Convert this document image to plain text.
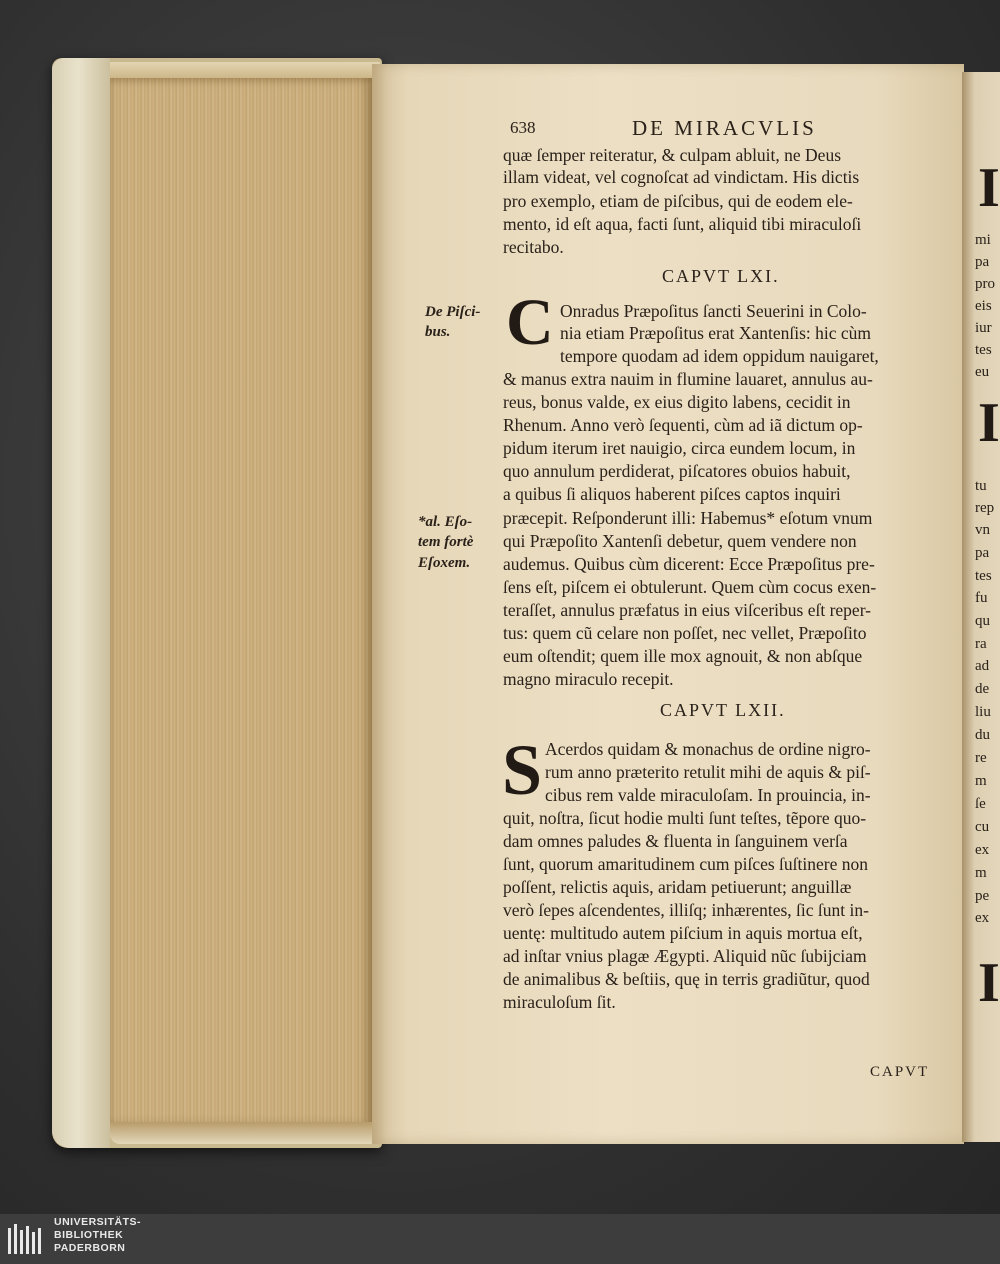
638	DE MIRACVLIS
quæ ſemper reiteratur, & culpam abluit, ne Deus
illam videat, vel cognoſcat ad vindictam. His dictis
pro exemplo, etiam de piſcibus, qui de eodem ele-
mento, id eſt aqua, facti ſunt, aliquid tibi miraculoſi
recitabo.
CAPVT LXI.
C
De Piſci-
bus.
Onradus Præpoſitus ſancti Seuerini in Colo-
nia etiam Præpoſitus erat Xantenſis: hic cùm
tempore quodam ad idem oppidum nauigaret,
& manus extra nauim in flumine lauaret, annulus au-
reus, bonus valde, ex eius digito labens, cecidit in
Rhenum. Anno verò ſequenti, cùm ad iã dictum op-
pidum iterum iret nauigio, circa eundem locum, in
quo annulum perdiderat, piſcatores obuios habuit,
a quibus ſi aliquos haberent piſces captos inquiri
præcepit. Reſponderunt illi: Habemus* eſotum vnum
qui Præpoſito Xantenſi debetur, quem vendere non
audemus. Quibus cùm dicerent: Ecce Præpoſitus pre-
ſens eſt, piſcem ei obtulerunt. Quem cùm cocus exen-
teraſſet, annulus præfatus in eius viſceribus eſt reper-
tus: quem cũ celare non poſſet, nec vellet, Præpoſito
eum oſtendit; quem ille mox agnouit, & non abſque
magno miraculo recepit.
*al. Eſo-
tem fortè
Eſoxem.
CAPVT LXII.
S Acerdos quidam & monachus de ordine nigro-
rum anno præterito retulit mihi de aquis & piſ-
cibus rem valde miraculoſam. In prouincia, in-
quit, noſtra, ſicut hodie multi ſunt teſtes, tẽpore quo-
dam omnes paludes & fluenta in ſanguinem verſa
ſunt, quorum amaritudinem cum piſces ſuſtinere non
poſſent, relictis aquis, aridam petiuerunt; anguillæ
verò ſepes aſcendentes, illiſq; inhærentes, ſic ſunt in-
uentę: multitudo autem piſcium in aquis mortua eſt,
ad inſtar vnius plagæ Ægypti. Aliquid nũc ſubijciam
de animalibus & beſtiis, quę in terris gradiũtur, quod
miraculoſum ſit.
CAPVT
I
mi
pa
pro
eis
iur
tes
eu
I
tu
rep
vn
pa
tes
fu
qu
ra
ad
de
liu
du
re
m
ſe
cu
ex
m
pe
ex
I
UNIVERSITÄTS-
BIBLIOTHEK
PADERBORN
